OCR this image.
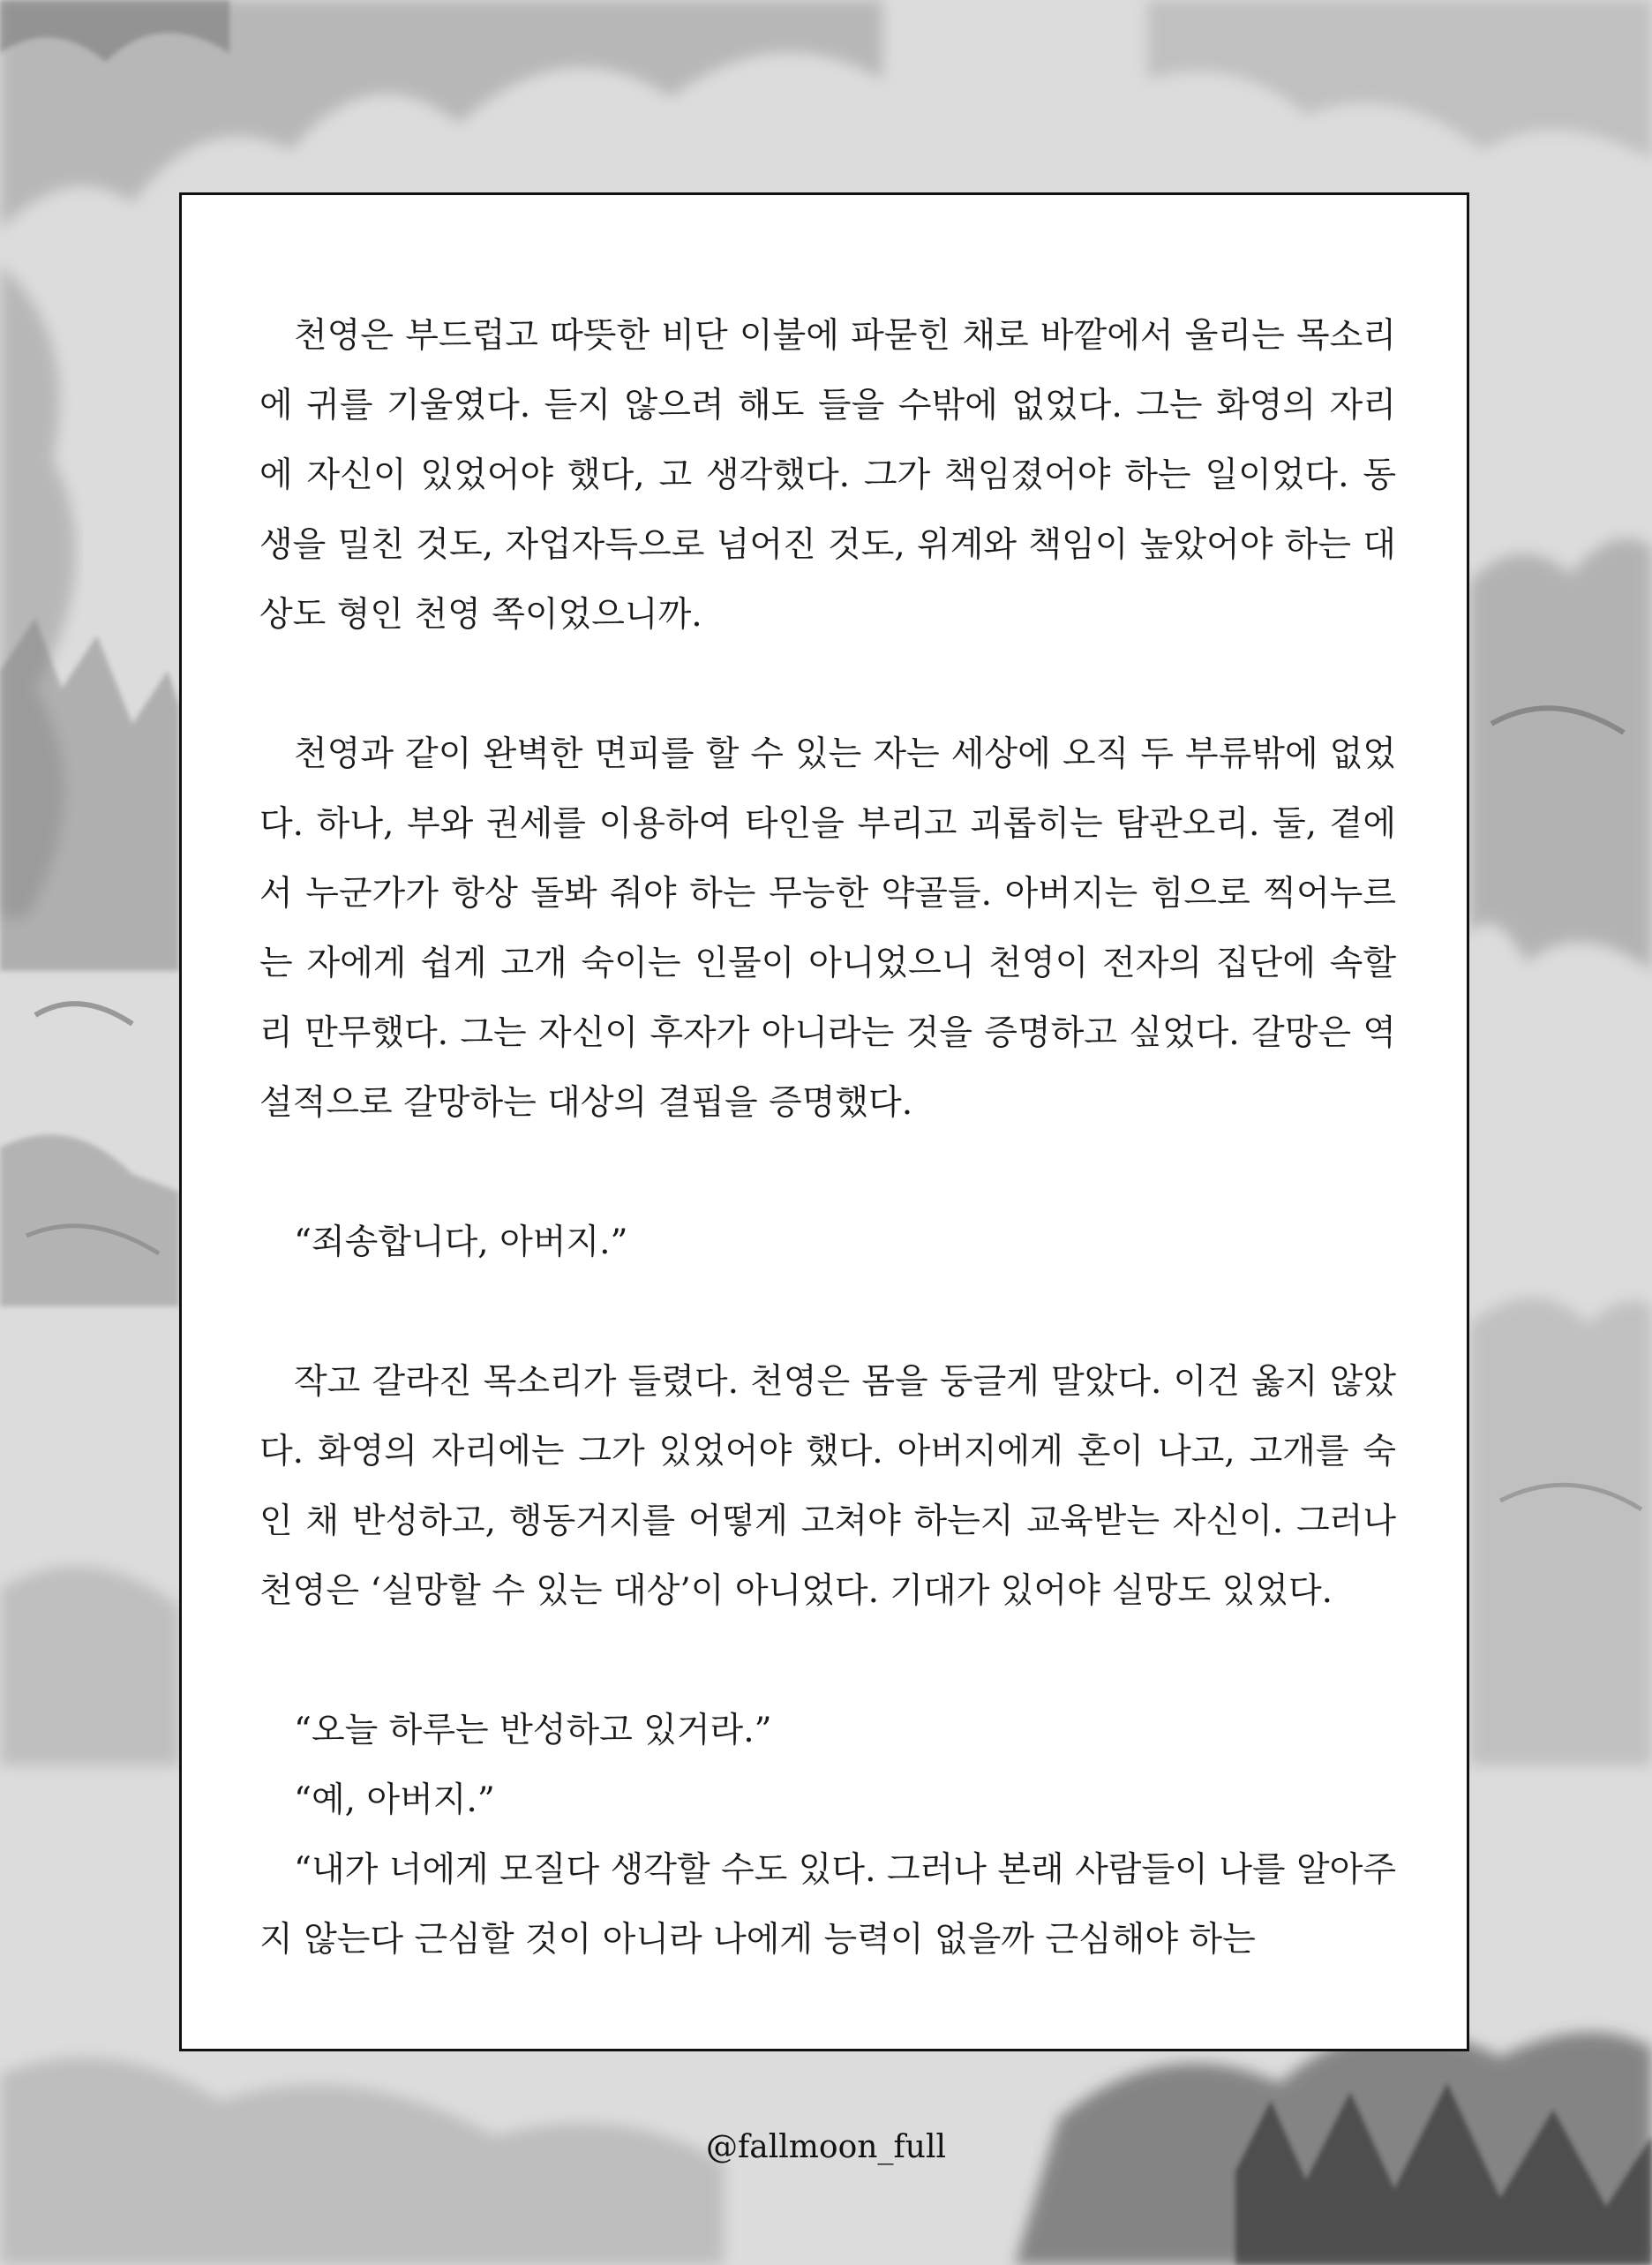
천영은 부드럽고 따뜻한 비단 이불에 파묻힌 채로 바깥에서 울리는 목소리에 귀를 기울였다. 듣지 않으려 해도 들을 수밖에 없었다. 그는 화영의 자리에 자신이 있었어야 했다, 고 생각했다. 그가 책임졌어야 하는 일이었다. 동생을 밀친 것도, 자업자득으로 넘어진 것도, 위계와 책임이 높았어야 하는 대상도 형인 천영 쪽이었으니까.

천영과 같이 완벽한 면피를 할 수 있는 자는 세상에 오직 두 부류밖에 없었다. 하나, 부와 권세를 이용하여 타인을 부리고 괴롭히는 탐관오리. 둘, 곁에서 누군가가 항상 돌봐 줘야 하는 무능한 약골들. 아버지는 힘으로 찍어누르는 자에게 쉽게 고개 숙이는 인물이 아니었으니 천영이 전자의 집단에 속할 리 만무했다. 그는 자신이 후자가 아니라는 것을 증명하고 싶었다. 갈망은 역설적으로 갈망하는 대상의 결핍을 증명했다.

“죄송합니다, 아버지.”

작고 갈라진 목소리가 들렸다. 천영은 몸을 둥글게 말았다. 이건 옳지 않았다. 화영의 자리에는 그가 있었어야 했다. 아버지에게 혼이 나고, 고개를 숙인 채 반성하고, 행동거지를 어떻게 고쳐야 하는지 교육받는 자신이. 그러나 천영은 ‘실망할 수 있는 대상’이 아니었다. 기대가 있어야 실망도 있었다.

“오늘 하루는 반성하고 있거라.”

“예, 아버지.”

“내가 너에게 모질다 생각할 수도 있다. 그러나 본래 사람들이 나를 알아주지 않는다 근심할 것이 아니라 나에게 능력이 없을까 근심해야 하는

@fallmoon_full
